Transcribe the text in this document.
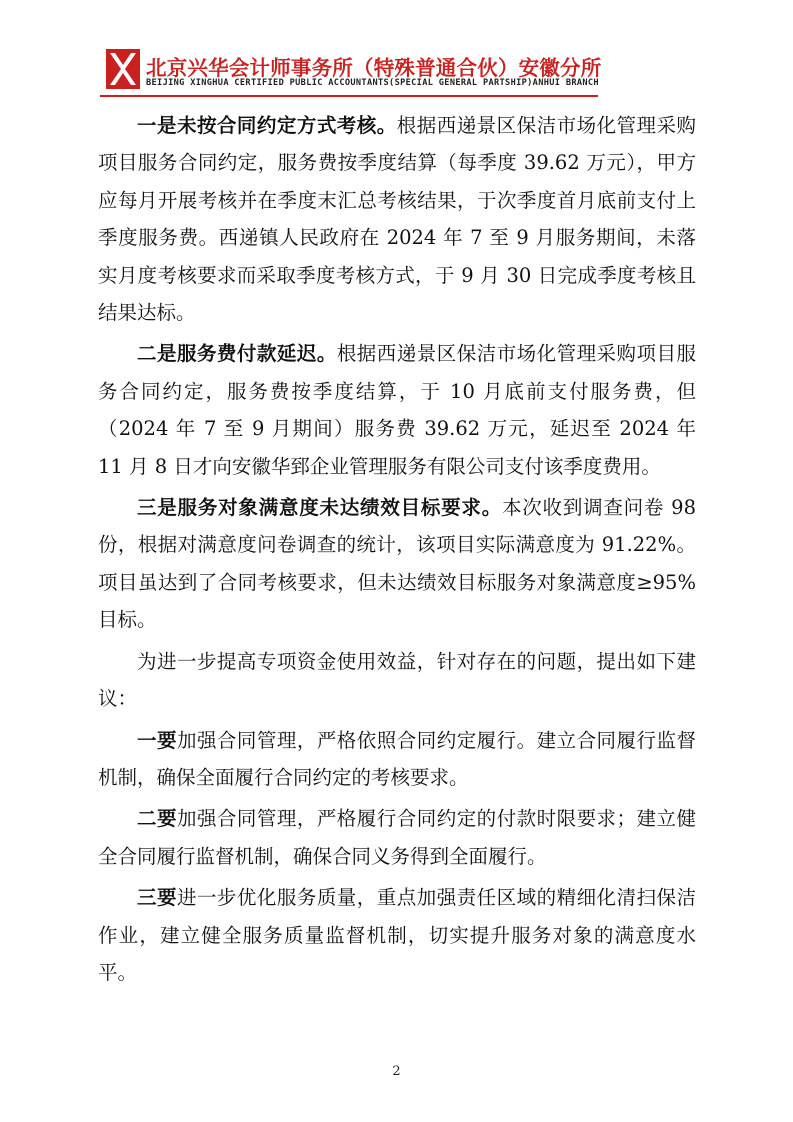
北京兴华会计师事务所（特殊普通合伙）安徽分所
BEIJING XINGHUA CERTIFIED PUBLIC ACCOUNTANTS(SPECIAL GENERAL PARTSHIP)ANHUI BRANCH

一是未按合同约定方式考核。根据西递景区保洁市场化管理采购项目服务合同约定，服务费按季度结算（每季度 39.62 万元），甲方应每月开展考核并在季度末汇总考核结果，于次季度首月底前支付上季度服务费。西递镇人民政府在 2024 年 7 至 9 月服务期间，未落实月度考核要求而采取季度考核方式，于 9 月 30 日完成季度考核且结果达标。

二是服务费付款延迟。根据西递景区保洁市场化管理采购项目服务合同约定，服务费按季度结算，于 10 月底前支付服务费，但（2024 年 7 至 9 月期间）服务费 39.62 万元，延迟至 2024 年 11 月 8 日才向安徽华郅企业管理服务有限公司支付该季度费用。

三是服务对象满意度未达绩效目标要求。本次收到调查问卷 98 份，根据对满意度问卷调查的统计，该项目实际满意度为 91.22%。项目虽达到了合同考核要求，但未达绩效目标服务对象满意度≥95%目标。

为进一步提高专项资金使用效益，针对存在的问题，提出如下建议：

一要加强合同管理，严格依照合同约定履行。建立合同履行监督机制，确保全面履行合同约定的考核要求。

二要加强合同管理，严格履行合同约定的付款时限要求；建立健全合同履行监督机制，确保合同义务得到全面履行。

三要进一步优化服务质量，重点加强责任区域的精细化清扫保洁作业，建立健全服务质量监督机制，切实提升服务对象的满意度水平。

2
